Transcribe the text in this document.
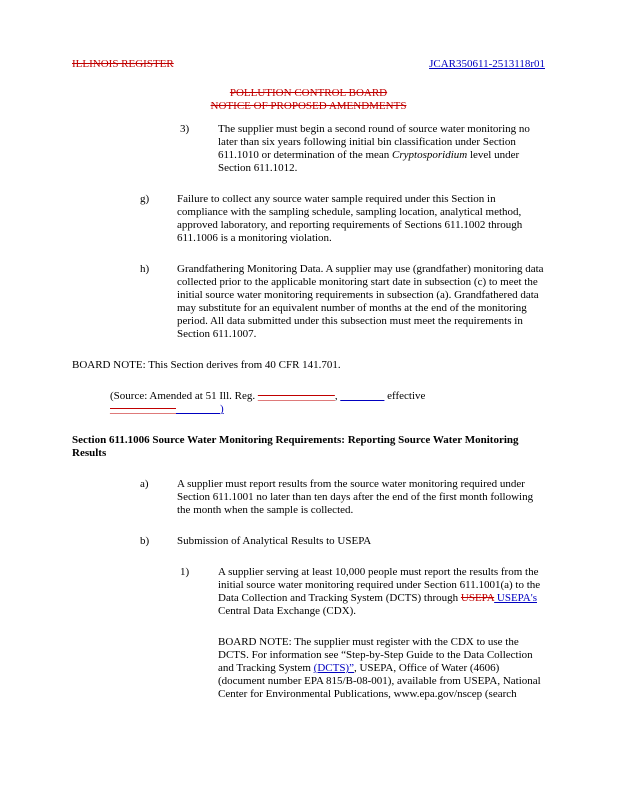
ILLINOIS REGISTER	JCAR350611-2513118r01
POLLUTION CONTROL BOARD
NOTICE OF PROPOSED AMENDMENTS
3)	The supplier must begin a second round of source water monitoring no later than six years following initial bin classification under Section 611.1010 or determination of the mean Cryptosporidium level under Section 611.1012.
g)	Failure to collect any source water sample required under this Section in compliance with the sampling schedule, sampling location, analytical method, approved laboratory, and reporting requirements of Sections 611.1002 through 611.1006 is a monitoring violation.
h)	Grandfathering Monitoring Data. A supplier may use (grandfather) monitoring data collected prior to the applicable monitoring start date in subsection (c) to meet the initial source water monitoring requirements in subsection (a). Grandfathered data may substitute for an equivalent number of months at the end of the monitoring period. All data submitted under this subsection must meet the requirements in Section 611.1007.
BOARD NOTE: This Section derives from 40 CFR 141.701.
(Source: Amended at 51 Ill. Reg. ______________, ________ effective
____________________)
Section 611.1006 Source Water Monitoring Requirements: Reporting Source Water Monitoring Results
a)	A supplier must report results from the source water monitoring required under Section 611.1001 no later than ten days after the end of the first month following the month when the sample is collected.
b)	Submission of Analytical Results to USEPA
1)	A supplier serving at least 10,000 people must report the results from the initial source water monitoring required under Section 611.1001(a) to the Data Collection and Tracking System (DCTS) through USEPA USEPA's Central Data Exchange (CDX).
BOARD NOTE: The supplier must register with the CDX to use the DCTS. For information see “Step-by-Step Guide to the Data Collection and Tracking System (DCTS)”, USEPA, Office of Water (4606) (document number EPA 815/B-08-001), available from USEPA, National Center for Environmental Publications, www.epa.gov/nscep (search
